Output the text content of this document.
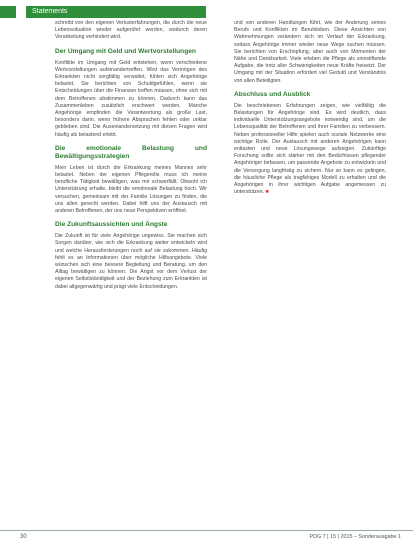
Statements

schreibt von den eigenen Verlusterfahrungen, die durch die neue Lebenssituation wieder aufgerührt werden, wodurch deren Verarbeitung verhindert wird.

Der Umgang mit Geld und Wertvorstellungen

Konflikte im Umgang mit Geld entstehen, wenn verschiedene Wertvorstellungen aufeinandertreffen. Wird das Vermögen des Erkrankten nicht sorgfältig verwaltet, fühlen sich Angehörige belastet. Sie berichten von Schuldgefühlen, wenn sie Entscheidungen über die Finanzen treffen müssen, ohne sich mit dem Betroffenen abstimmen zu können. Dadurch kann das Zusammenleben zusätzlich erschwert werden. Manche Angehörige empfinden die Verantwortung als große Last, besonders dann, wenn frühere Absprachen fehlen oder unklar geblieben sind. Die Auseinandersetzung mit diesen Fragen wird häufig als belastend erlebt.

Die emotionale Belastung und Bewältigungsstrategien

Mein Leben ist durch die Erkrankung meines Mannes sehr belastet. Neben der eigenen Pflegerolle muss ich meine berufliche Tätigkeit bewältigen, was mir schwerfällt. Obwohl ich Unterstützung erhalte, bleibt die emotionale Belastung hoch. Wir versuchen, gemeinsam mit der Familie Lösungen zu finden, die uns allen gerecht werden. Dabei hilft uns der Austausch mit anderen Betroffenen, der uns neue Perspektiven eröffnet.

Die Zukunftsaussichten und Ängste

Die Zukunft ist für viele Angehörige ungewiss. Sie machen sich Sorgen darüber, wie sich die Erkrankung weiter entwickeln wird und welche Herausforderungen noch auf sie zukommen. Häufig fehlt es an Informationen über mögliche Hilfsangebote. Viele wünschen sich eine bessere Begleitung und Beratung, um den Alltag bewältigen zu können. Die Angst vor dem Verlust der eigenen Selbstständigkeit und der Beziehung zum Erkrankten ist dabei allgegenwärtig und prägt viele Entscheidungen.

und von anderen Handlungen führt, wie der Anderung seines Berufs und Konflikten im Berufsleben. Diese Ansichten von Wahrnehmungen verändern sich im Verlauf der Erkrankung, sodass Angehörige immer wieder neue Wege suchen müssen. Sie berichten von Erschöpfung, aber auch von Momenten der Nähe und Dankbarkeit. Viele erleben die Pflege als sinnstiftende Aufgabe, die trotz aller Schwierigkeiten neue Kräfte freisetzt. Der Umgang mit der Situation erfordert viel Geduld und Verständnis von allen Beteiligten.

Abschluss und Ausblick

Die beschriebenen Erfahrungen zeigen, wie vielfältig die Belastungen für Angehörige sind. Es wird deutlich, dass individuelle Unterstützungsangebote notwendig sind, um die Lebensqualität der Betroffenen und ihrer Familien zu verbessern. Neben professioneller Hilfe spielen auch soziale Netzwerke eine wichtige Rolle. Der Austausch mit anderen Angehörigen kann entlasten und neue Lösungswege aufzeigen. Zukünftige Forschung sollte sich stärker mit den Bedürfnissen pflegender Angehöriger befassen, um passende Angebote zu entwickeln und die Versorgung langfristig zu sichern. Nur so kann es gelingen, die häusliche Pflege als tragfähiges Modell zu erhalten und die Angehörigen in ihrer wichtigen Aufgabe angemessen zu unterstützen. ■

30	PDG 7 | 15 | 2015 – Sonderausgabe 1
